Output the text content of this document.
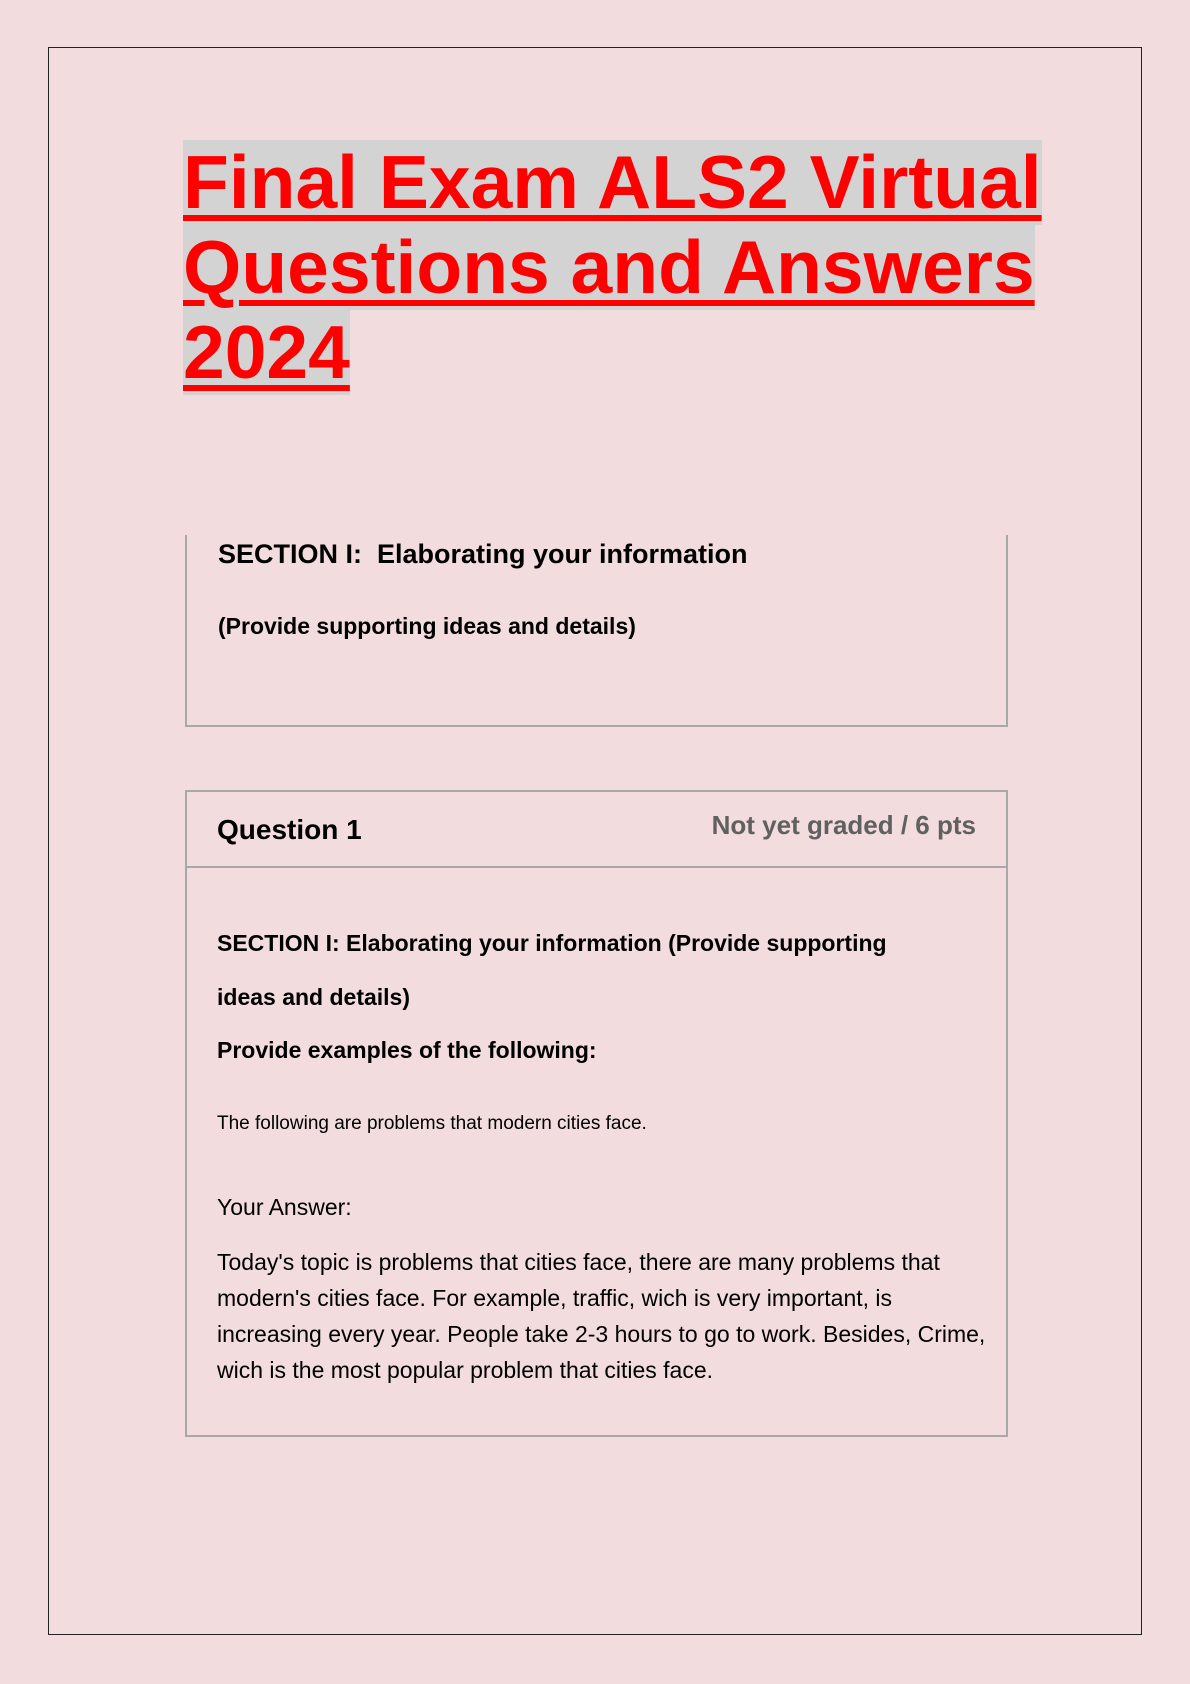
Final Exam ALS2 Virtual
Questions and Answers
2024

SECTION I:  Elaborating your information

(Provide supporting ideas and details)

Question 1	Not yet graded / 6 pts

SECTION I: Elaborating your information (Provide supporting

ideas and details)

Provide examples of the following:

The following are problems that modern cities face.

Your Answer:

Today's topic is problems that cities face, there are many problems that modern's cities face. For example, traffic, wich is very important, is increasing every year. People take 2-3 hours to go to work. Besides, Crime, wich is the most popular problem that cities face.
